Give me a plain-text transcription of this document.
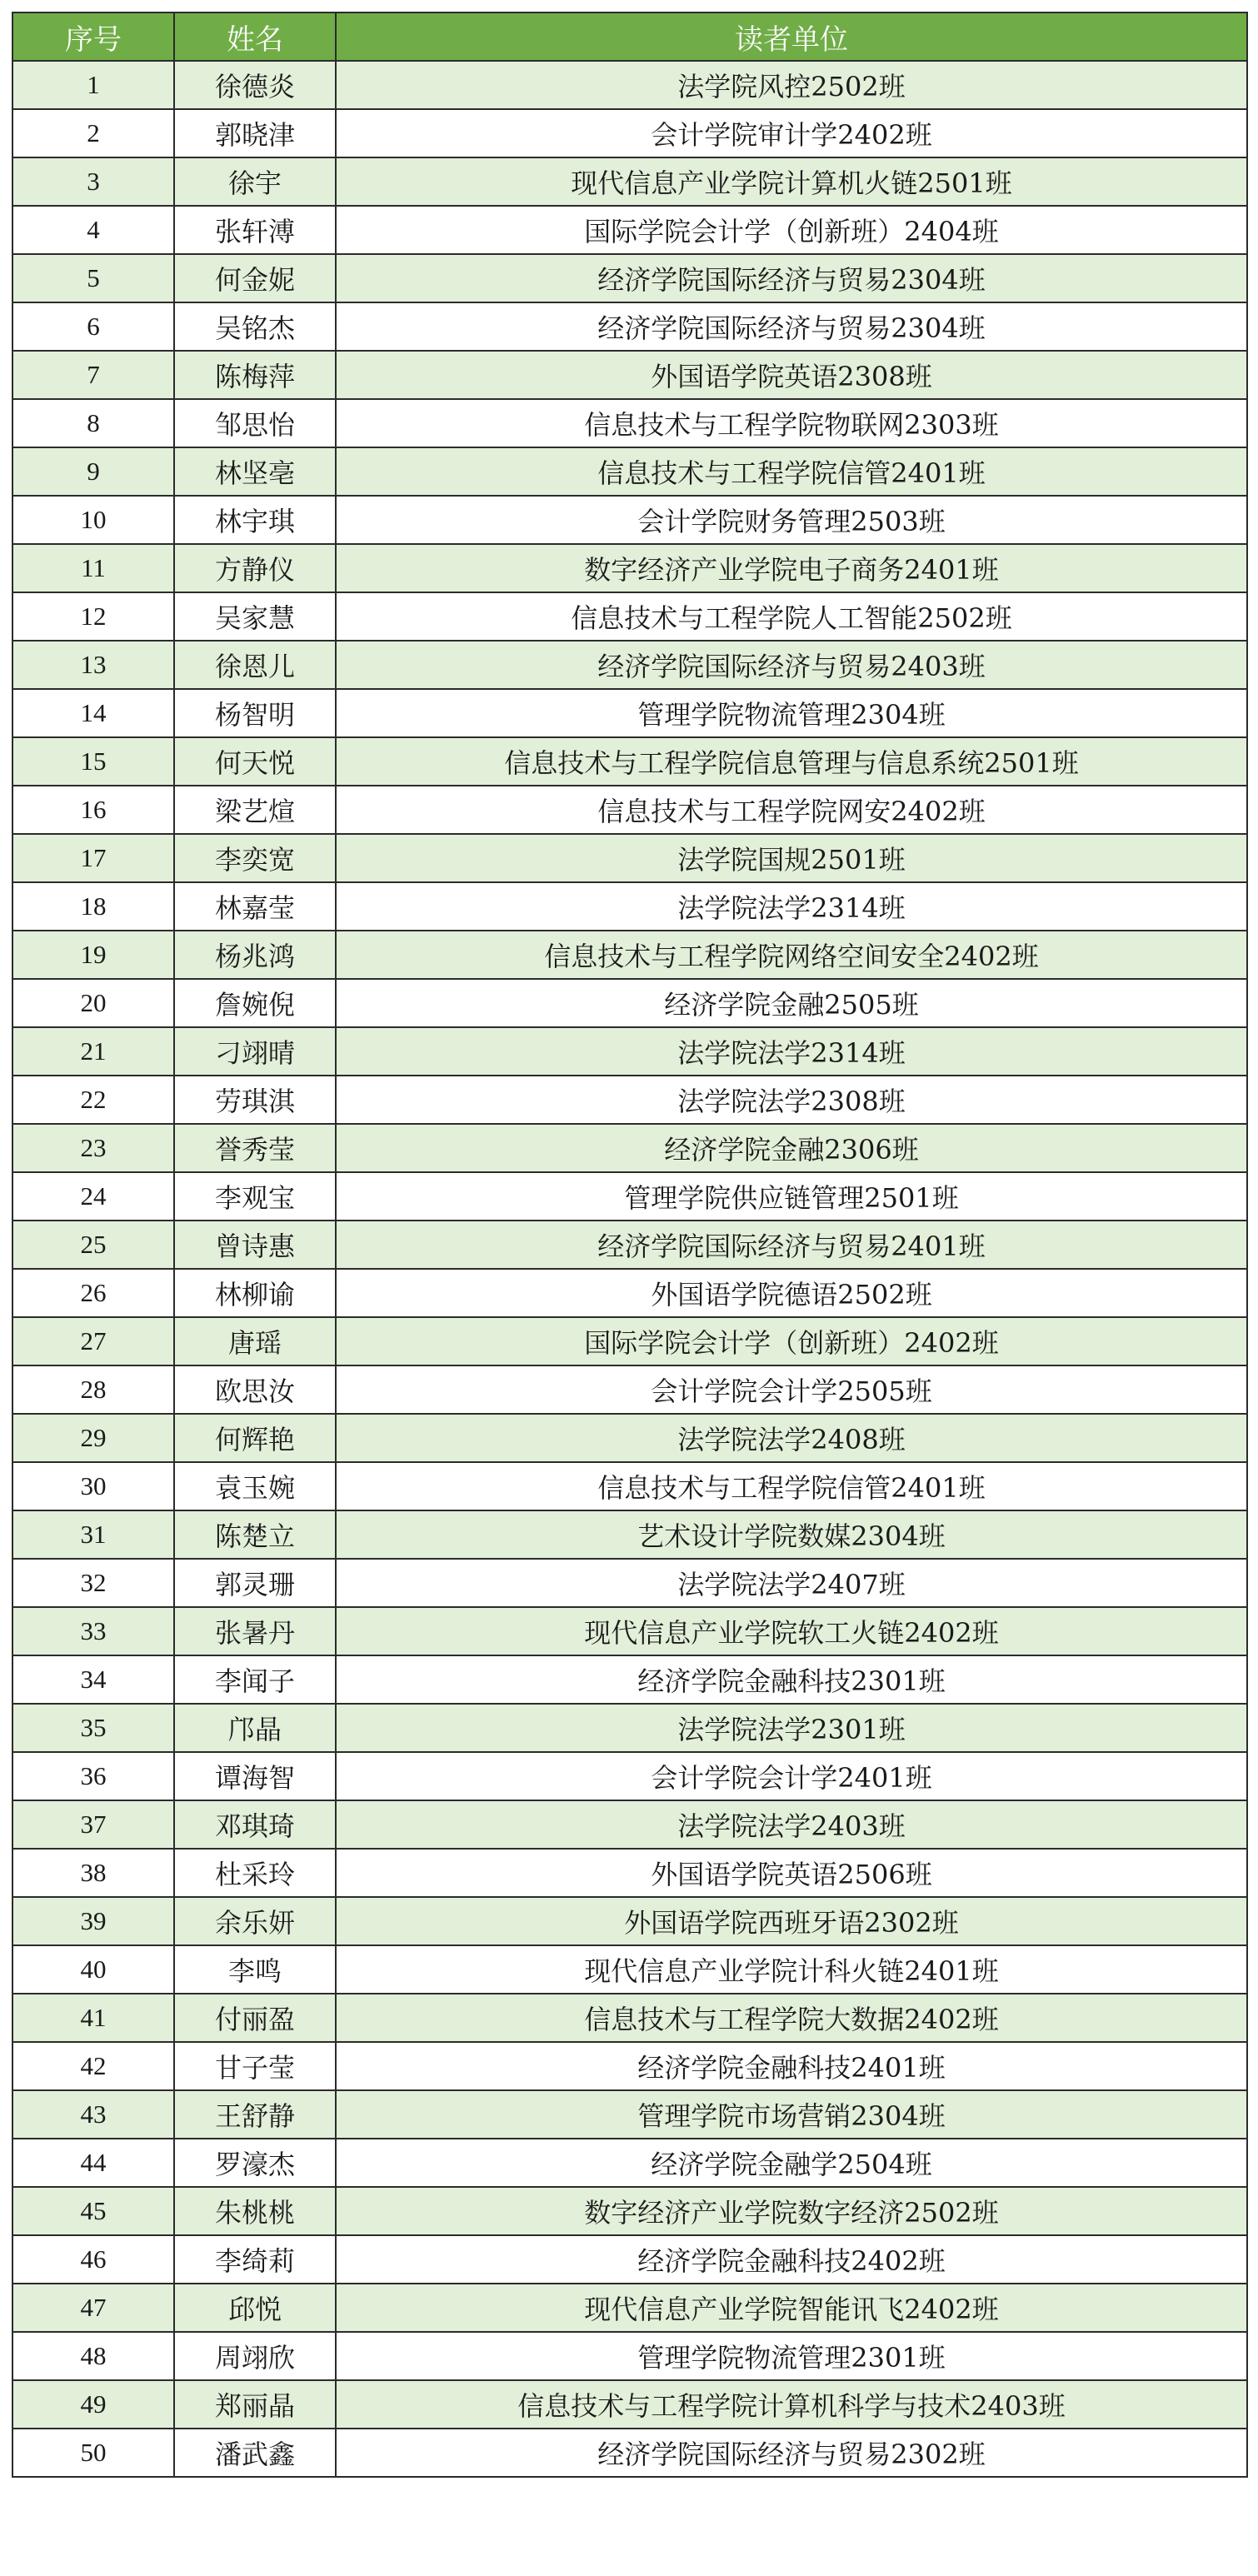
序号	姓名	读者单位
1	徐德炎	法学院风控2502班
2	郭晓津	会计学院审计学2402班
3	徐宇	现代信息产业学院计算机火链2501班
4	张轩溥	国际学院会计学（创新班）2404班
5	何金妮	经济学院国际经济与贸易2304班
6	吴铭杰	经济学院国际经济与贸易2304班
7	陈梅萍	外国语学院英语2308班
8	邹思怡	信息技术与工程学院物联网2303班
9	林坚亳	信息技术与工程学院信管2401班
10	林宇琪	会计学院财务管理2503班
11	方静仪	数字经济产业学院电子商务2401班
12	吴家慧	信息技术与工程学院人工智能2502班
13	徐恩儿	经济学院国际经济与贸易2403班
14	杨智明	管理学院物流管理2304班
15	何天悦	信息技术与工程学院信息管理与信息系统2501班
16	梁艺煊	信息技术与工程学院网安2402班
17	李奕宽	法学院国规2501班
18	林嘉莹	法学院法学2314班
19	杨兆鸿	信息技术与工程学院网络空间安全2402班
20	詹婉倪	经济学院金融2505班
21	刁翊晴	法学院法学2314班
22	劳琪淇	法学院法学2308班
23	誉秀莹	经济学院金融2306班
24	李观宝	管理学院供应链管理2501班
25	曾诗惠	经济学院国际经济与贸易2401班
26	林柳谕	外国语学院德语2502班
27	唐瑶	国际学院会计学（创新班）2402班
28	欧思汝	会计学院会计学2505班
29	何辉艳	法学院法学2408班
30	袁玉婉	信息技术与工程学院信管2401班
31	陈楚立	艺术设计学院数媒2304班
32	郭灵珊	法学院法学2407班
33	张暑丹	现代信息产业学院软工火链2402班
34	李闻子	经济学院金融科技2301班
35	邝晶	法学院法学2301班
36	谭海智	会计学院会计学2401班
37	邓琪琦	法学院法学2403班
38	杜采玲	外国语学院英语2506班
39	余乐妍	外国语学院西班牙语2302班
40	李鸣	现代信息产业学院计科火链2401班
41	付丽盈	信息技术与工程学院大数据2402班
42	甘子莹	经济学院金融科技2401班
43	王舒静	管理学院市场营销2304班
44	罗濠杰	经济学院金融学2504班
45	朱桃桃	数字经济产业学院数字经济2502班
46	李绮莉	经济学院金融科技2402班
47	邱悦	现代信息产业学院智能讯飞2402班
48	周翊欣	管理学院物流管理2301班
49	郑丽晶	信息技术与工程学院计算机科学与技术2403班
50	潘武鑫	经济学院国际经济与贸易2302班
